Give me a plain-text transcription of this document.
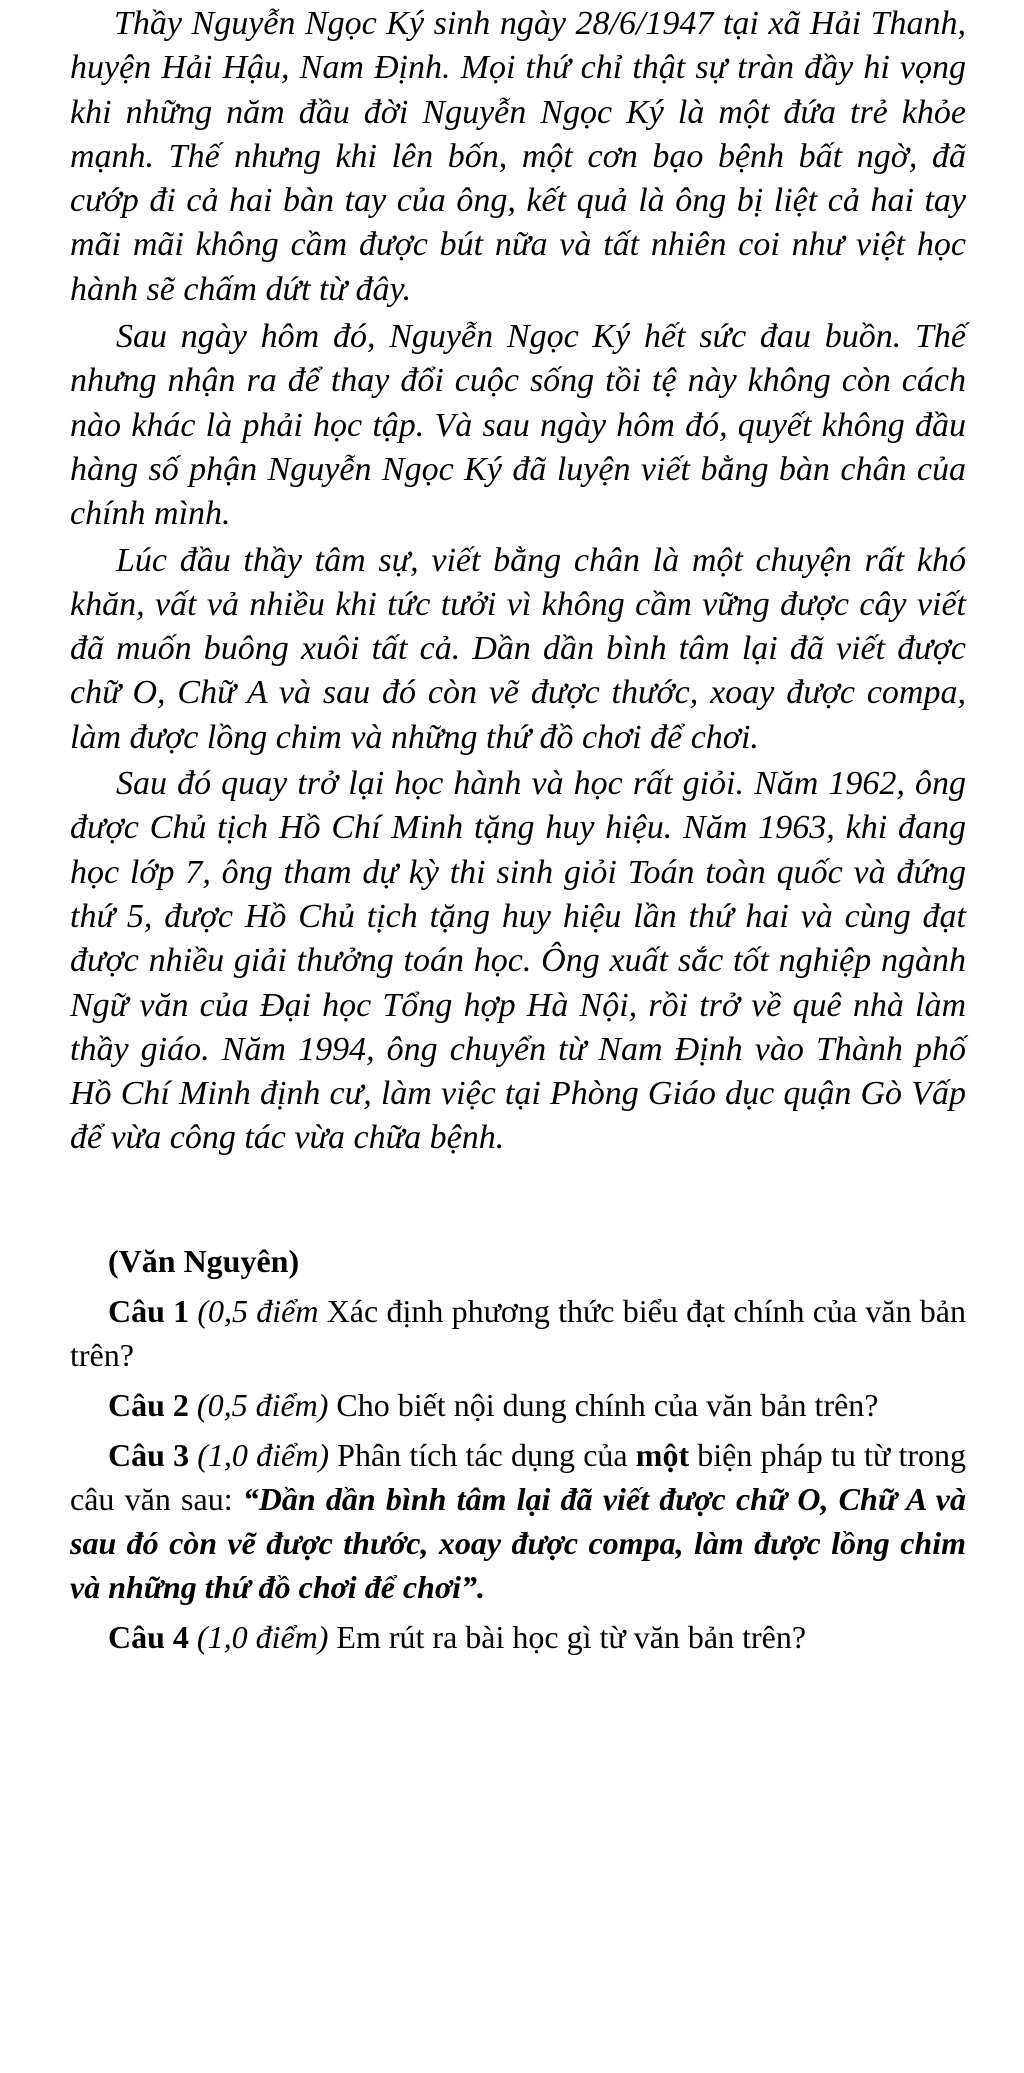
Thầy Nguyễn Ngọc Ký sinh ngày 28/6/1947 tại xã Hải Thanh, huyện Hải Hậu, Nam Định. Mọi thứ chỉ thật sự tràn đầy hi vọng khi những năm đầu đời Nguyễn Ngọc Ký là một đứa trẻ khỏe mạnh. Thế nhưng khi lên bốn, một cơn bạo bệnh bất ngờ, đã cướp đi cả hai bàn tay của ông, kết quả là ông bị liệt cả hai tay mãi mãi không cầm được bút nữa và tất nhiên coi như việt học hành sẽ chấm dứt từ đây.

Sau ngày hôm đó, Nguyễn Ngọc Ký hết sức đau buồn. Thế nhưng nhận ra để thay đổi cuộc sống tồi tệ này không còn cách nào khác là phải học tập. Và sau ngày hôm đó, quyết không đầu hàng số phận Nguyễn Ngọc Ký đã luyện viết bằng bàn chân của chính mình.

Lúc đầu thầy tâm sự, viết bằng chân là một chuyện rất khó khăn, vất vả nhiều khi tức tưởi vì không cầm vững được cây viết đã muốn buông xuôi tất cả. Dần dần bình tâm lại đã viết được chữ O, Chữ A và sau đó còn vẽ được thước, xoay được compa, làm được lồng chim và những thứ đồ chơi để chơi.

Sau đó quay trở lại học hành và học rất giỏi. Năm 1962, ông được Chủ tịch Hồ Chí Minh tặng huy hiệu. Năm 1963, khi đang học lớp 7, ông tham dự kỳ thi sinh giỏi Toán toàn quốc và đứng thứ 5, được Hồ Chủ tịch tặng huy hiệu lần thứ hai và cùng đạt được nhiều giải thưởng toán học. Ông xuất sắc tốt nghiệp ngành Ngữ văn của Đại học Tổng hợp Hà Nội, rồi trở về quê nhà làm thầy giáo. Năm 1994, ông chuyển từ Nam Định vào Thành phố Hồ Chí Minh định cư, làm việc tại Phòng Giáo dục quận Gò Vấp để vừa công tác vừa chữa bệnh.

(Văn Nguyên)

Câu 1 (0,5 điểm Xác định phương thức biểu đạt chính của văn bản trên?

Câu 2 (0,5 điểm) Cho biết nội dung chính của văn bản trên?

Câu 3 (1,0 điểm) Phân tích tác dụng của một biện pháp tu từ trong câu văn sau: “Dần dần bình tâm lại đã viết được chữ O, Chữ A và sau đó còn vẽ được thước, xoay được compa, làm được lồng chim và những thứ đồ chơi để chơi”.

Câu 4 (1,0 điểm) Em rút ra bài học gì từ văn bản trên?
